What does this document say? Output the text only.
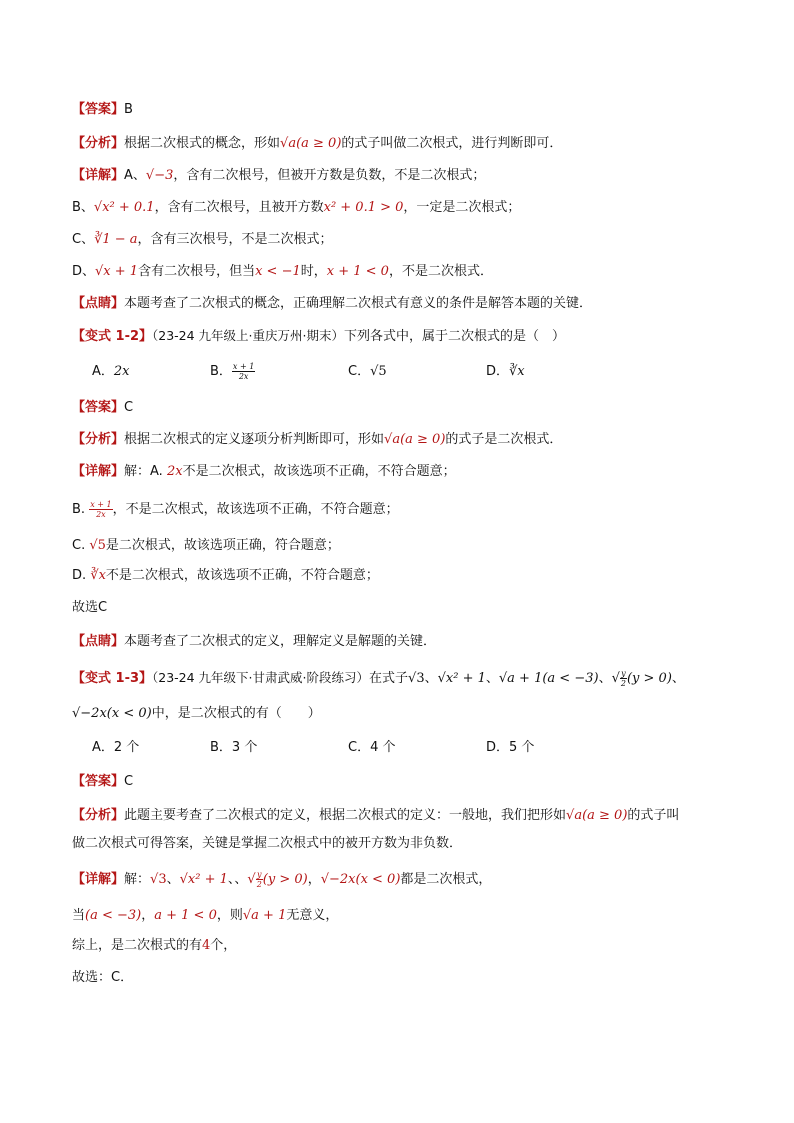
【答案】B
【分析】根据二次根式的概念，形如√a(a ≥ 0)的式子叫做二次根式，进行判断即可．
【详解】A、√−3，含有二次根号，但被开方数是负数，不是二次根式；
B、√x² + 0.1，含有二次根号，且被开方数x² + 0.1 > 0，一定是二次根式；
C、∛1 − a，含有三次根号，不是二次根式；
D、√x + 1含有二次根号，但当x < −1时，x + 1 < 0，不是二次根式．
【点睛】本题考查了二次根式的概念，正确理解二次根式有意义的条件是解答本题的关键．
【变式 1-2】（23-24 九年级上·重庆万州·期末）下列各式中，属于二次根式的是（　）
A．2x	B． $\frac{x + 1}{2x}$	C．√5	D．∛x
【答案】C
【分析】根据二次根式的定义逐项分析判断即可，形如√a(a ≥ 0)的式子是二次根式．
【详解】解：A. 2x不是二次根式，故该选项不正确，不符合题意；
B. $\frac{x + 1}{2x}$ ，不是二次根式，故该选项不正确，不符合题意；
C. √5是二次根式，故该选项正确，符合题意；
D. ∛x不是二次根式，故该选项不正确，不符合题意；
故选C
【点睛】本题考查了二次根式的定义，理解定义是解题的关键．
【变式 1-3】（23-24 九年级下·甘肃武威·阶段练习）在式子√3、√x² + 1、√a + 1(a < −3)、 √ $\frac{y}{2} (y > 0)$、
√−2x(x < 0)中，是二次根式的有（　　）
A．2 个	B．3 个	C．4 个	D．5 个
【答案】C
【分析】此题主要考查了二次根式的定义，根据二次根式的定义：一般地，我们把形如√a(a ≥ 0)的式子叫
做二次根式可得答案，关键是掌握二次根式中的被开方数为非负数．
【详解】解：√3、√x² + 1、、 √ $\frac{y}{2} (y > 0)$，√−2x(x < 0)都是二次根式，
当(a < −3)，a + 1 < 0，则√a + 1无意义，
综上，是二次根式的有4个，
故选：C．
